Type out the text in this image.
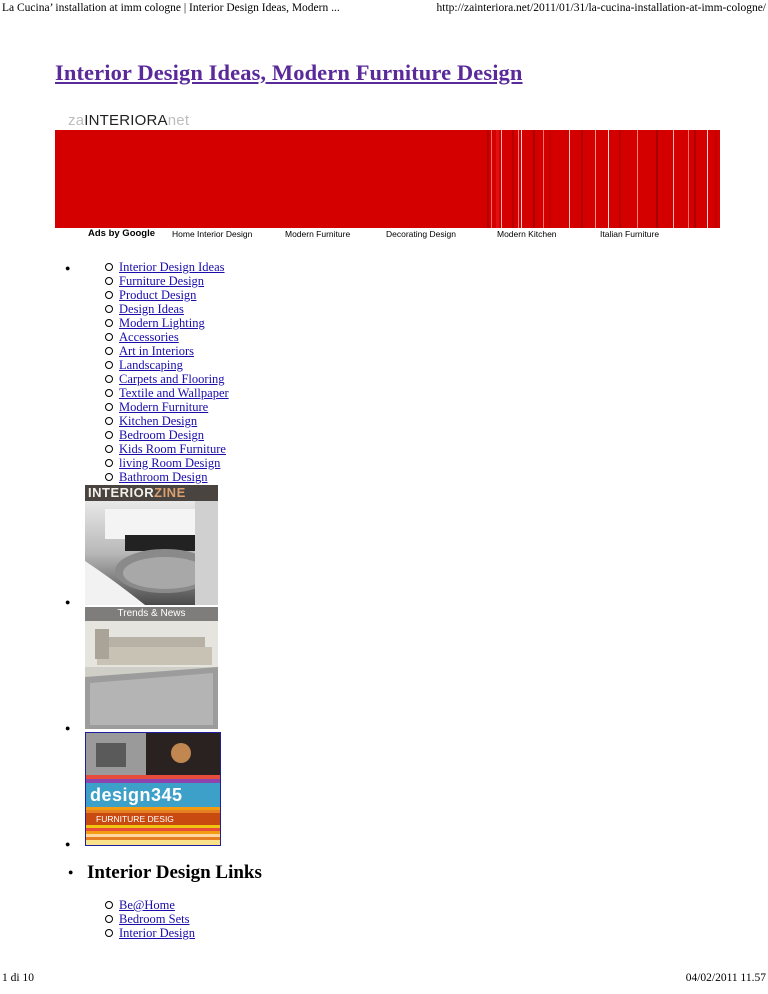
La Cucina’ installation at imm cologne | Interior Design Ideas, Modern ...	http://zainteriora.net/2011/01/31/la-cucina-installation-at-imm-cologne/
Interior Design Ideas, Modern Furniture Design
zaINTERIORAnet
Ads by Google Home Interior Design	Modern Furniture	Decorating Design	Modern Kitchen	Italian Furniture
●	Interior Design Ideas
Furniture Design
Product Design
Design Ideas
Modern Lighting
Accessories
Art in Interiors
Landscaping
Carpets and Flooring
Textile and Wallpaper
Modern Furniture
Kitchen Design
Bedroom Design
Kids Room Furniture
living Room Design
Bathroom Design
INTERIORZINE
●
Trends & News
●
design345
FURNITURE DESIG
●
● Interior Design Links
Be@Home
Bedroom Sets
Interior Design
1 di 10	04/02/2011 11.57
